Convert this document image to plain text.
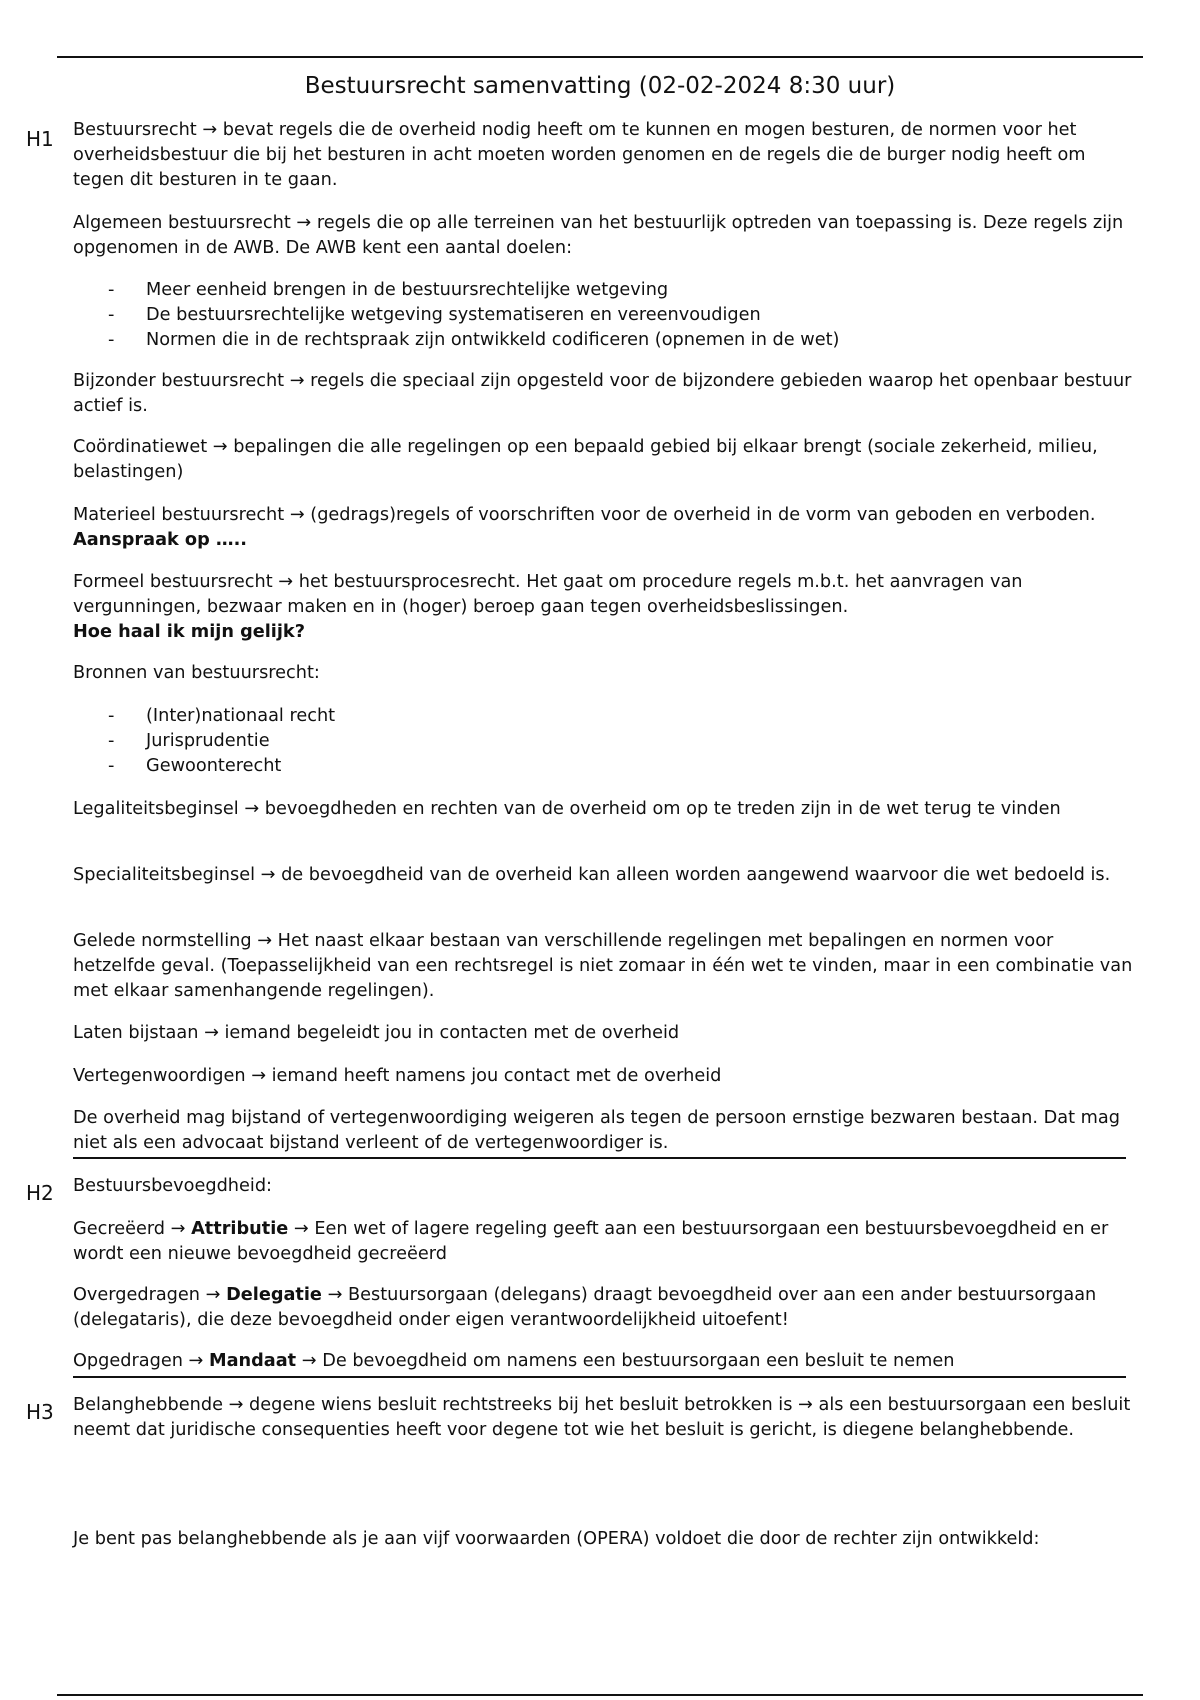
Bestuursrecht samenvatting (02-02-2024 8:30 uur)
H1 Bestuursrecht → bevat regels die de overheid nodig heeft om te kunnen en mogen besturen, de normen voor het overheidsbestuur die bij het besturen in acht moeten worden genomen en de regels die de burger nodig heeft om tegen dit besturen in te gaan.
Algemeen bestuursrecht → regels die op alle terreinen van het bestuurlijk optreden van toepassing is. Deze regels zijn opgenomen in de AWB. De AWB kent een aantal doelen:
- Meer eenheid brengen in de bestuursrechtelijke wetgeving
- De bestuursrechtelijke wetgeving systematiseren en vereenvoudigen
- Normen die in de rechtspraak zijn ontwikkeld codificeren (opnemen in de wet)
Bijzonder bestuursrecht → regels die speciaal zijn opgesteld voor de bijzondere gebieden waarop het openbaar bestuur actief is.
Coördinatiewet → bepalingen die alle regelingen op een bepaald gebied bij elkaar brengt (sociale zekerheid, milieu, belastingen)
Materieel bestuursrecht → (gedrags)regels of voorschriften voor de overheid in de vorm van geboden en verboden. Aanspraak op …..
Formeel bestuursrecht → het bestuursprocesrecht. Het gaat om procedure regels m.b.t. het aanvragen van vergunningen, bezwaar maken en in (hoger) beroep gaan tegen overheidsbeslissingen.
Hoe haal ik mijn gelijk?
Bronnen van bestuursrecht:
- (Inter)nationaal recht
- Jurisprudentie
- Gewoonterecht
Legaliteitsbeginsel → bevoegdheden en rechten van de overheid om op te treden zijn in de wet terug te vinden
Specialiteitsbeginsel → de bevoegdheid van de overheid kan alleen worden aangewend waarvoor die wet bedoeld is.
Gelede normstelling → Het naast elkaar bestaan van verschillende regelingen met bepalingen en normen voor hetzelfde geval. (Toepasselijkheid van een rechtsregel is niet zomaar in één wet te vinden, maar in een combinatie van met elkaar samenhangende regelingen).
Laten bijstaan → iemand begeleidt jou in contacten met de overheid
Vertegenwoordigen → iemand heeft namens jou contact met de overheid
De overheid mag bijstand of vertegenwoordiging weigeren als tegen de persoon ernstige bezwaren bestaan. Dat mag niet als een advocaat bijstand verleent of de vertegenwoordiger is.
H2 Bestuursbevoegdheid:
Gecreëerd → Attributie → Een wet of lagere regeling geeft aan een bestuursorgaan een bestuursbevoegdheid en er wordt een nieuwe bevoegdheid gecreëerd
Overgedragen → Delegatie → Bestuursorgaan (delegans) draagt bevoegdheid over aan een ander bestuursorgaan (delegataris), die deze bevoegdheid onder eigen verantwoordelijkheid uitoefent!
Opgedragen → Mandaat → De bevoegdheid om namens een bestuursorgaan een besluit te nemen
H3 Belanghebbende → degene wiens besluit rechtstreeks bij het besluit betrokken is → als een bestuursorgaan een besluit neemt dat juridische consequenties heeft voor degene tot wie het besluit is gericht, is diegene belanghebbende.
Je bent pas belanghebbende als je aan vijf voorwaarden (OPERA) voldoet die door de rechter zijn ontwikkeld:
